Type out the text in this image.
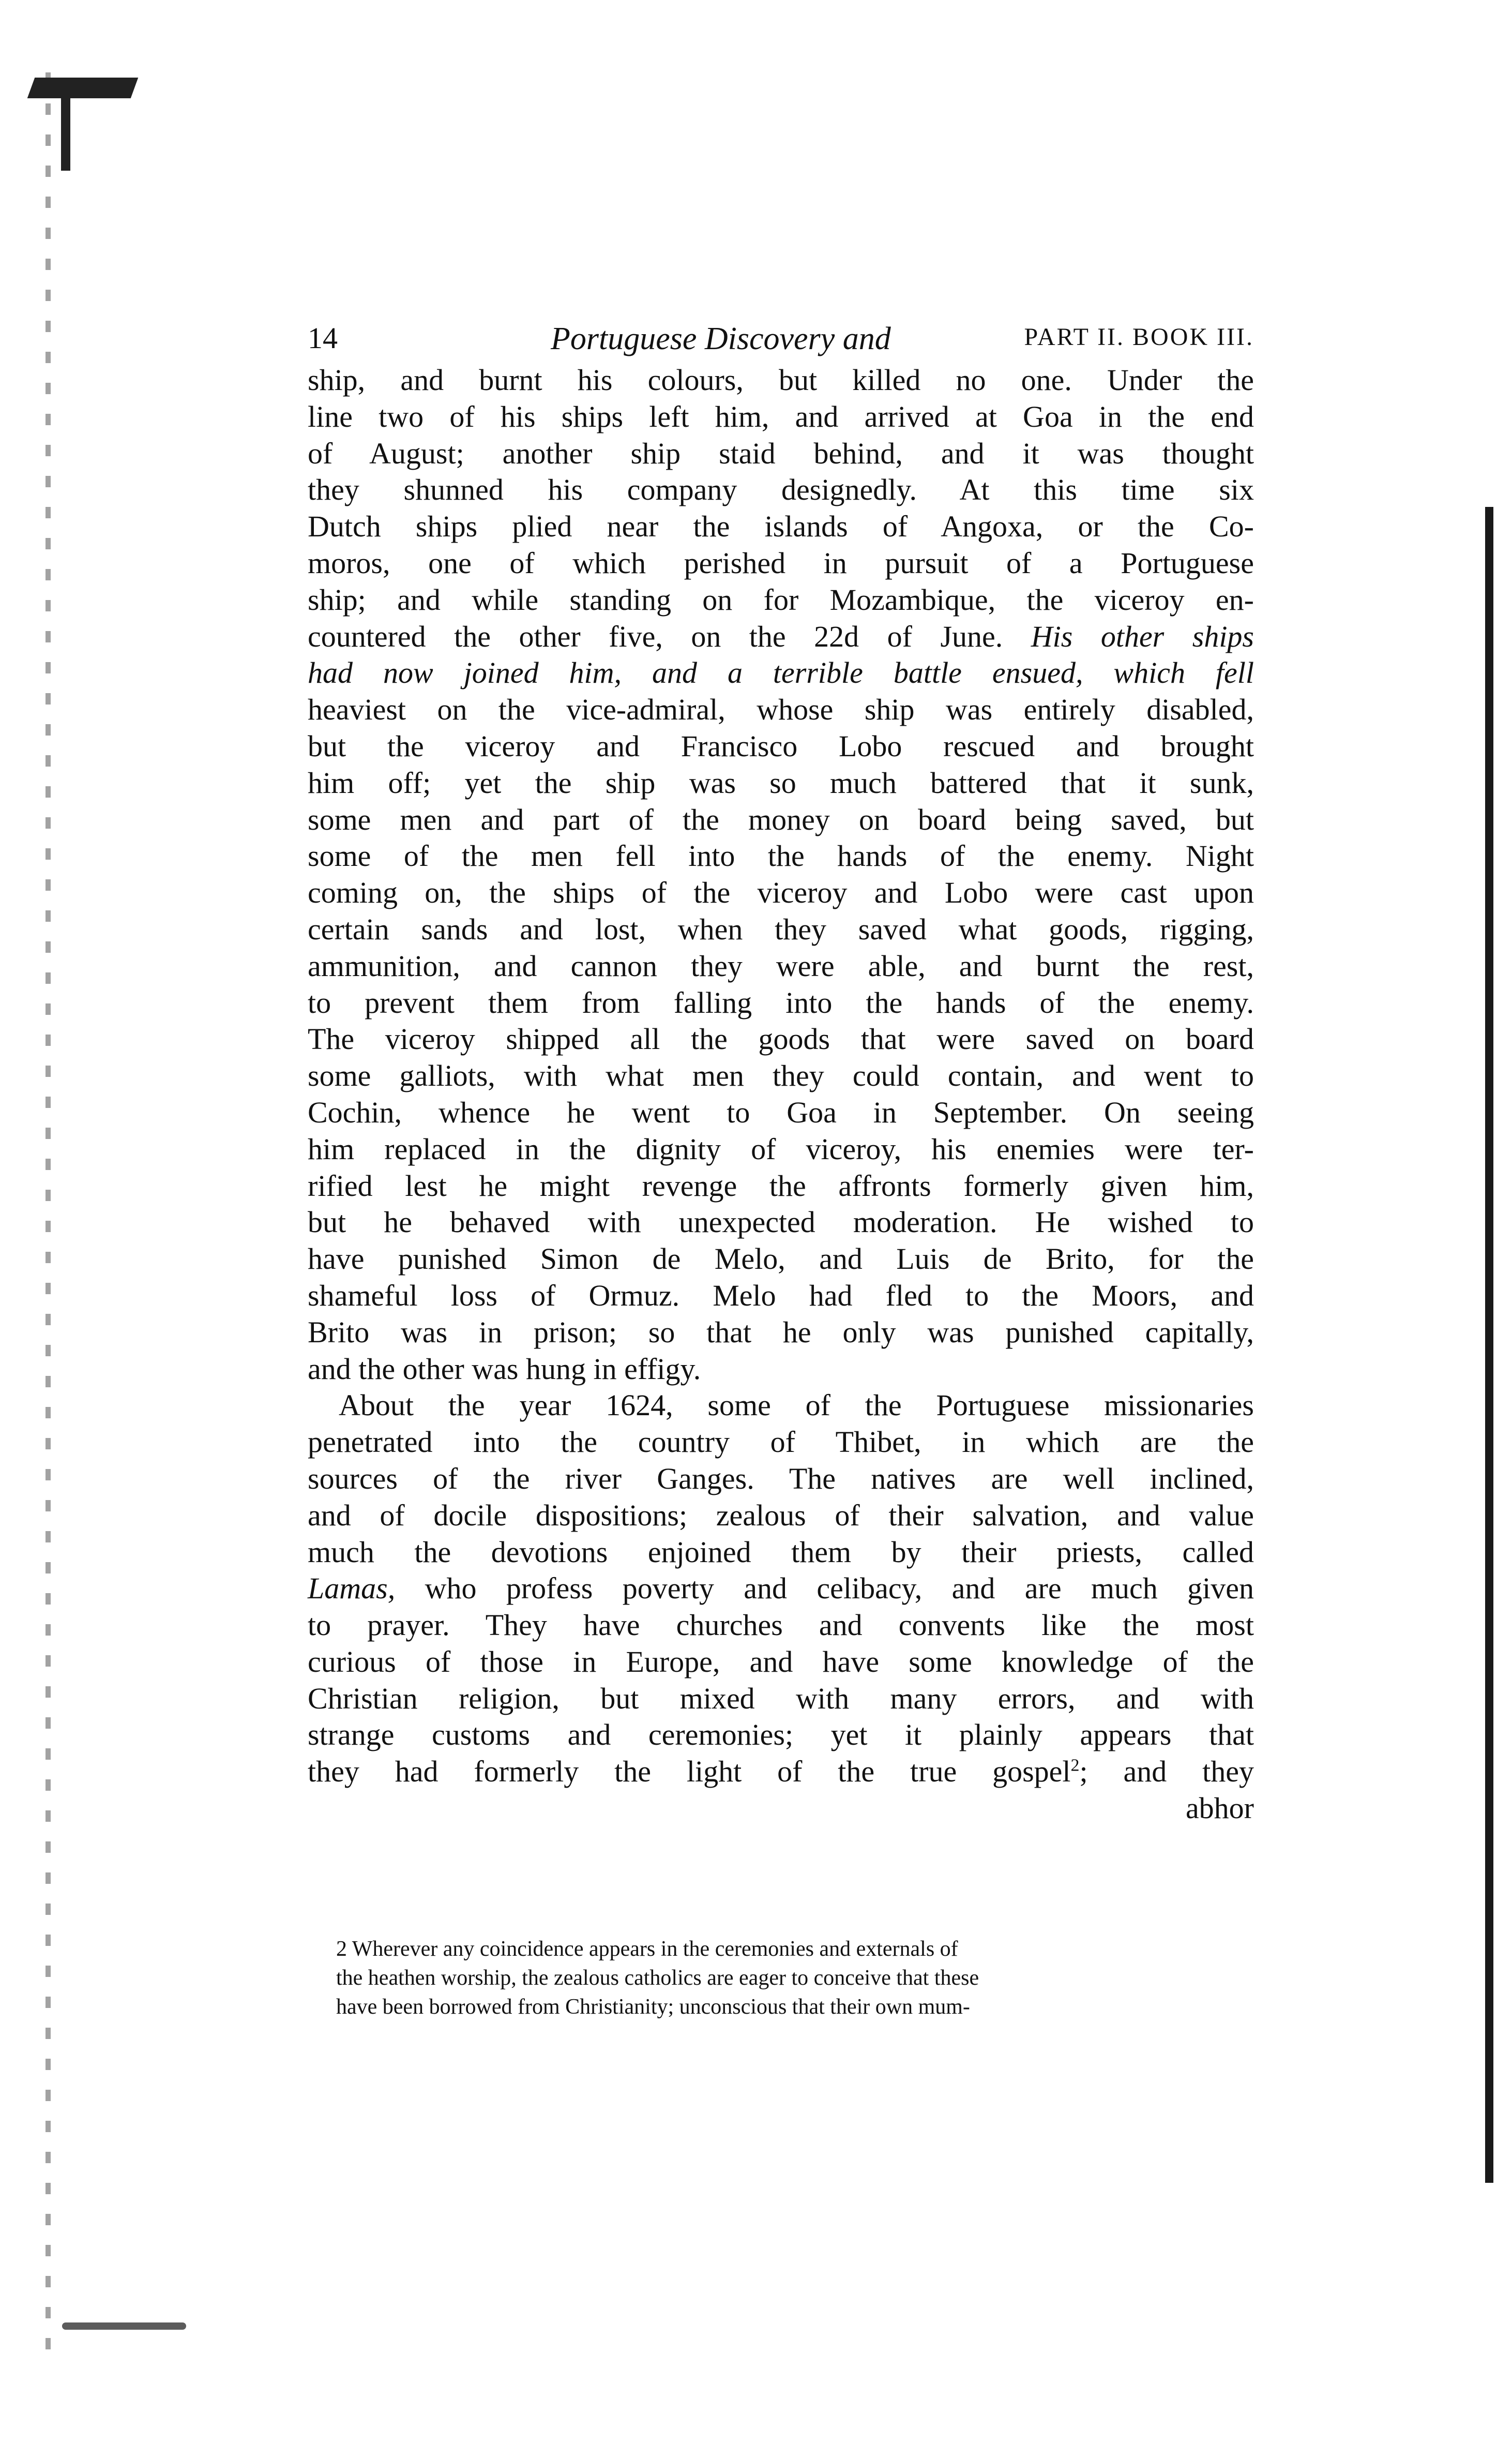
14	Portuguese Discovery and	PART II. BOOK III.
ship, and burnt his colours, but killed no one. Under the
line two of his ships left him, and arrived at Goa in the end
of August; another ship staid behind, and it was thought
they shunned his company designedly. At this time six
Dutch ships plied near the islands of Angoxa, or the Co-
moros, one of which perished in pursuit of a Portuguese
ship; and while standing on for Mozambique, the viceroy en-
countered the other five, on the 22d of June. His other ships
had now joined him, and a terrible battle ensued, which fell
heaviest on the vice-admiral, whose ship was entirely disabled,
but the viceroy and Francisco Lobo rescued and brought
him off; yet the ship was so much battered that it sunk,
some men and part of the money on board being saved, but
some of the men fell into the hands of the enemy. Night
coming on, the ships of the viceroy and Lobo were cast upon
certain sands and lost, when they saved what goods, rigging,
ammunition, and cannon they were able, and burnt the rest,
to prevent them from falling into the hands of the enemy.
The viceroy shipped all the goods that were saved on board
some galliots, with what men they could contain, and went to
Cochin, whence he went to Goa in September. On seeing
him replaced in the dignity of viceroy, his enemies were ter-
rified lest he might revenge the affronts formerly given him,
but he behaved with unexpected moderation. He wished to
have punished Simon de Melo, and Luis de Brito, for the
shameful loss of Ormuz. Melo had fled to the Moors, and
Brito was in prison; so that he only was punished capitally,
and the other was hung in effigy.
About the year 1624, some of the Portuguese missionaries
penetrated into the country of Thibet, in which are the
sources of the river Ganges. The natives are well inclined,
and of docile dispositions; zealous of their salvation, and value
much the devotions enjoined them by their priests, called
Lamas, who profess poverty and celibacy, and are much given
to prayer. They have churches and convents like the most
curious of those in Europe, and have some knowledge of the
Christian religion, but mixed with many errors, and with
strange customs and ceremonies; yet it plainly appears that
they had formerly the light of the true gospel$^2$; and they
abhor
2 Wherever any coincidence appears in the ceremonies and externals of
the heathen worship, the zealous catholics are eager to conceive that these
have been borrowed from Christianity; unconscious that their own mum-
